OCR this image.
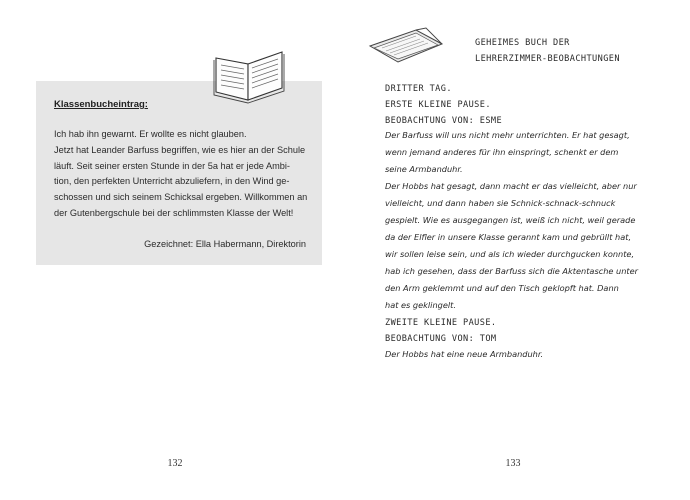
Klassenbucheintrag:
Ich hab ihn gewarnt. Er wollte es nicht glauben.
Jetzt hat Leander Barfuss begriffen, wie es hier an der Schule
läuft. Seit seiner ersten Stunde in der 5a hat er jede Ambi-
tion, den perfekten Unterricht abzuliefern, in den Wind ge-
schossen und sich seinem Schicksal ergeben. Willkommen an
der Gutenbergschule bei der schlimmsten Klasse der Welt!
Gezeichnet: Ella Habermann, Direktorin
132
GEHEIMES BUCH DER
LEHRERZIMMER-BEOBACHTUNGEN
DRITTER TAG.
ERSTE KLEINE PAUSE.
BEOBACHTUNG VON: ESME
Der Barfuss will uns nicht mehr unterrichten. Er hat gesagt,
wenn jemand anderes für ihn einspringt, schenkt er dem
seine Armbanduhr.
Der Hobbs hat gesagt, dann macht er das vielleicht, aber nur
vielleicht, und dann haben sie Schnick-schnack-schnuck
gespielt. Wie es ausgegangen ist, weiß ich nicht, weil gerade
da der Elfler in unsere Klasse gerannt kam und gebrüllt hat,
wir sollen leise sein, und als ich wieder durchgucken konnte,
hab ich gesehen, dass der Barfuss sich die Aktentasche unter
den Arm geklemmt und auf den Tisch geklopft hat. Dann
hat es geklingelt.
ZWEITE KLEINE PAUSE.
BEOBACHTUNG VON: TOM
Der Hobbs hat eine neue Armbanduhr.
133
